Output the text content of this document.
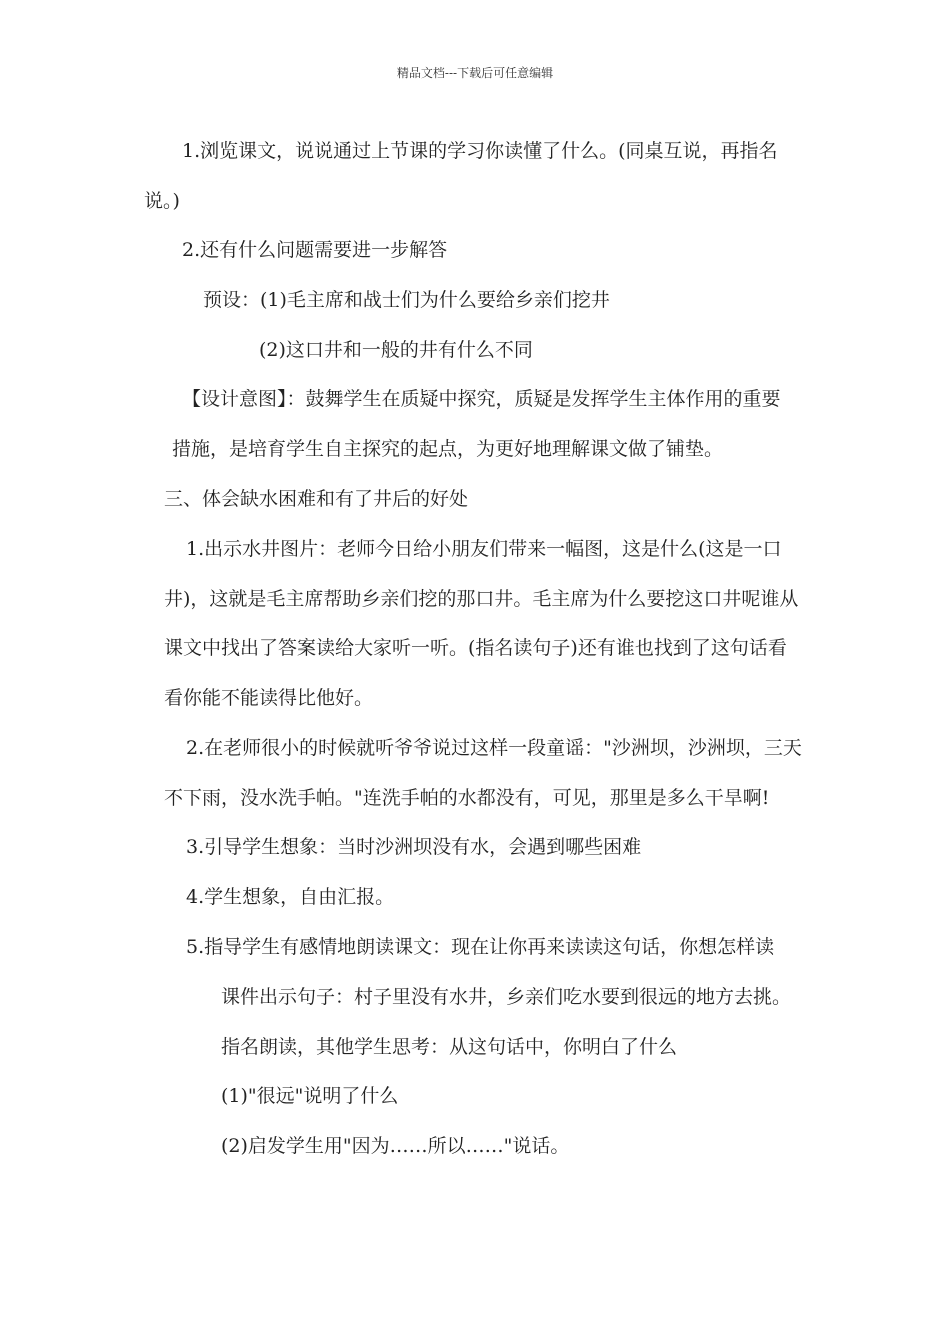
精品文档---下载后可任意编辑
1.浏览课文，说说通过上节课的学习你读懂了什么。(同桌互说，再指名
说。)
2.还有什么问题需要进一步解答
预设：(1)毛主席和战士们为什么要给乡亲们挖井
(2)这口井和一般的井有什么不同
【设计意图】：鼓舞学生在质疑中探究，质疑是发挥学生主体作用的重要
措施，是培育学生自主探究的起点，为更好地理解课文做了铺垫。
三、体会缺水困难和有了井后的好处
1.出示水井图片：老师今日给小朋友们带来一幅图，这是什么(这是一口
井)，这就是毛主席帮助乡亲们挖的那口井。毛主席为什么要挖这口井呢谁从
课文中找出了答案读给大家听一听。(指名读句子)还有谁也找到了这句话看
看你能不能读得比他好。
2.在老师很小的时候就听爷爷说过这样一段童谣："沙洲坝，沙洲坝，三天
不下雨，没水洗手帕。"连洗手帕的水都没有，可见，那里是多么干旱啊!
3.引导学生想象：当时沙洲坝没有水，会遇到哪些困难
4.学生想象，自由汇报。
5.指导学生有感情地朗读课文：现在让你再来读读这句话，你想怎样读
课件出示句子：村子里没有水井，乡亲们吃水要到很远的地方去挑。
指名朗读，其他学生思考：从这句话中，你明白了什么
(1)"很远"说明了什么
(2)启发学生用"因为……所以……"说话。
